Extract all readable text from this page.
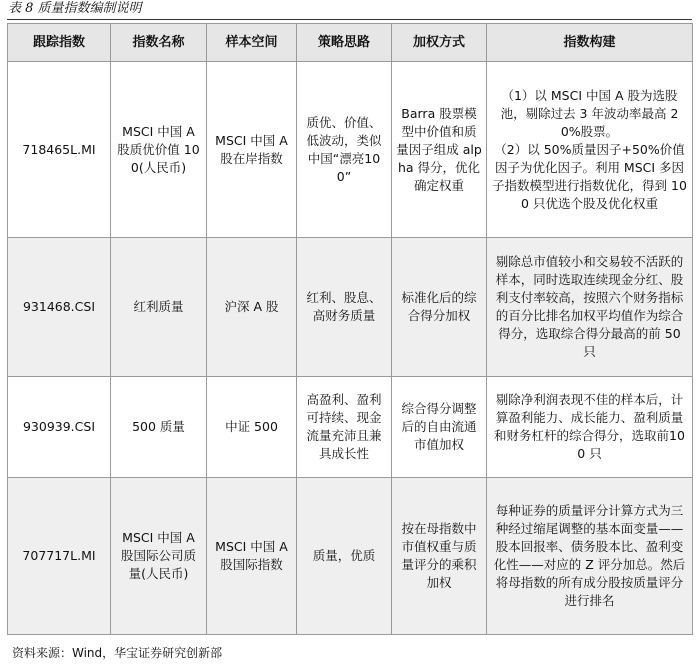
表 8 质量指数编制说明
跟踪指数	指数名称	样本空间	策略思路	加权方式	指数构建
718465L.MI	MSCI 中国 A 股质优价值 100(人民币)	MSCI 中国 A 股在岸指数	质优、价值、低波动，类似中国“漂亮100”	Barra 股票模型中价值和质量因子组成 alpha 得分，优化确定权重	（1）以 MSCI 中国 A 股为选股池，剔除过去 3 年波动率最高 20%股票。
（2）以 50%质量因子+50%价值因子为优化因子。利用 MSCI 多因子指数模型进行指数优化，得到 100 只优选个股及优化权重

931468.CSI	红利质量	沪深 A 股	红利、股息、高财务质量	标准化后的综合得分加权	剔除总市值较小和交易较不活跃的样本，同时选取连续现金分红、股利支付率较高，按照六个财务指标的百分比排名加权平均值作为综合得分，选取综合得分最高的前 50 只

930939.CSI	500 质量	中证 500	高盈利、盈利可持续、现金流量充沛且兼具成长性	综合得分调整后的自由流通市值加权	剔除净利润表现不佳的样本后，计算盈利能力、成长能力、盈利质量和财务杠杆的综合得分，选取前100 只

707717L.MI	MSCI 中国 A 股国际公司质量(人民币)	MSCI 中国 A 股国际指数	质量，优质	按在母指数中市值权重与质量评分的乘积加权	每种证券的质量评分计算方式为三种经过缩尾调整的基本面变量——股本回报率、债务股本比、盈利变化性——对应的 Z 评分加总。然后将母指数的所有成分股按质量评分进行排名
资料来源：Wind，华宝证券研究创新部
